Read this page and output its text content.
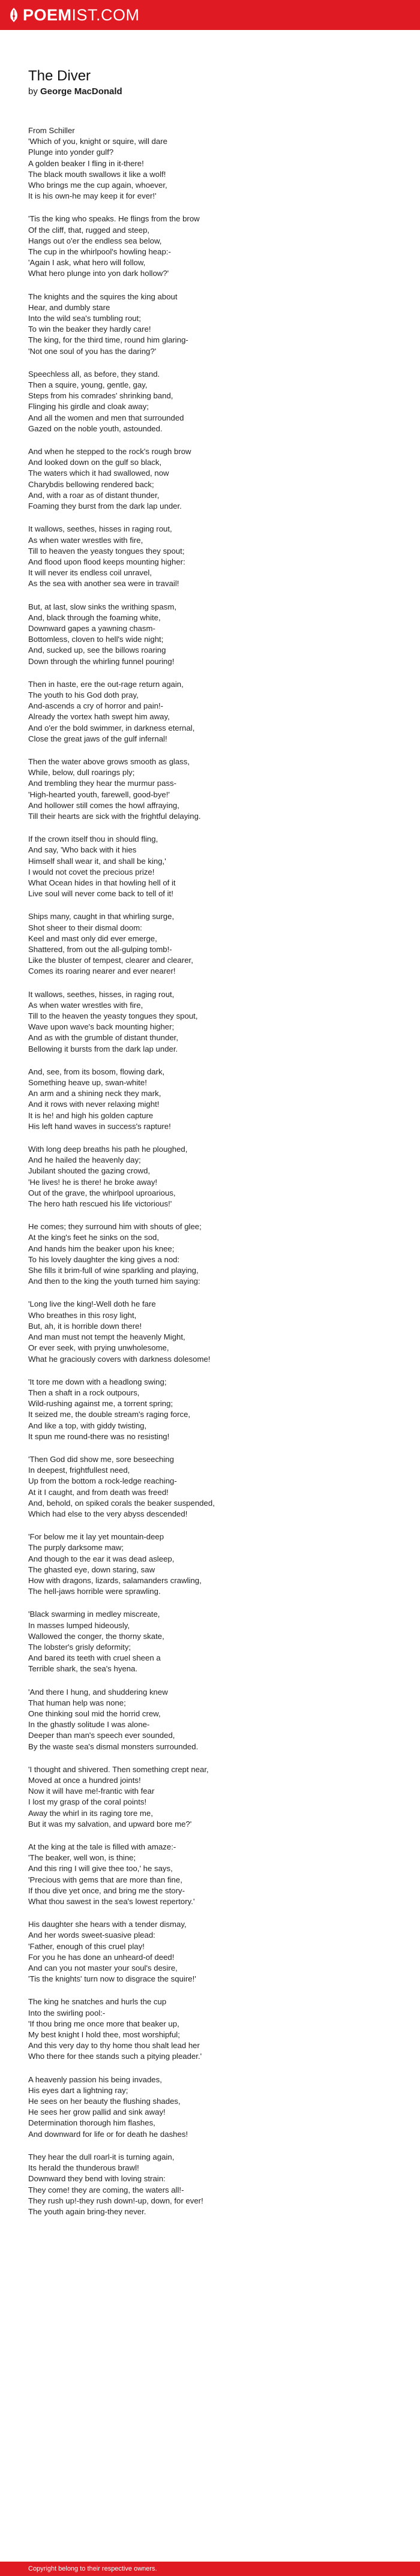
POEMIST.COM
The Diver
by George MacDonald
From Schiller
'Which of you, knight or squire, will dare
Plunge into yonder gulf?
A golden beaker I fling in it-there!
The black mouth swallows it like a wolf!
Who brings me the cup again, whoever,
It is his own-he may keep it for ever!'
'Tis the king who speaks. He flings from the brow
Of the cliff, that, rugged and steep,
Hangs out o'er the endless sea below,
The cup in the whirlpool's howling heap:-
'Again I ask, what hero will follow,
What hero plunge into yon dark hollow?'
The knights and the squires the king about
Hear, and dumbly stare
Into the wild sea's tumbling rout;
To win the beaker they hardly care!
The king, for the third time, round him glaring-
'Not one soul of you has the daring?'
Speechless all, as before, they stand.
Then a squire, young, gentle, gay,
Steps from his comrades' shrinking band,
Flinging his girdle and cloak away;
And all the women and men that surrounded
Gazed on the noble youth, astounded.
And when he stepped to the rock's rough brow
And looked down on the gulf so black,
The waters which it had swallowed, now
Charybdis bellowing rendered back;
And, with a roar as of distant thunder,
Foaming they burst from the dark lap under.
It wallows, seethes, hisses in raging rout,
As when water wrestles with fire,
Till to heaven the yeasty tongues they spout;
And flood upon flood keeps mounting higher:
It will never its endless coil unravel,
As the sea with another sea were in travail!
But, at last, slow sinks the writhing spasm,
And, black through the foaming white,
Downward gapes a yawning chasm-
Bottomless, cloven to hell's wide night;
And, sucked up, see the billows roaring
Down through the whirling funnel pouring!
Then in haste, ere the out-rage return again,
The youth to his God doth pray,
And-ascends a cry of horror and pain!-
Already the vortex hath swept him away,
And o'er the bold swimmer, in darkness eternal,
Close the great jaws of the gulf infernal!
Then the water above grows smooth as glass,
While, below, dull roarings ply;
And trembling they hear the murmur pass-
'High-hearted youth, farewell, good-bye!'
And hollower still comes the howl affraying,
Till their hearts are sick with the frightful delaying.
If the crown itself thou in should fling,
And say, 'Who back with it hies
Himself shall wear it, and shall be king,'
I would not covet the precious prize!
What Ocean hides in that howling hell of it
Live soul will never come back to tell of it!
Ships many, caught in that whirling surge,
Shot sheer to their dismal doom:
Keel and mast only did ever emerge,
Shattered, from out the all-gulping tomb!-
Like the bluster of tempest, clearer and clearer,
Comes its roaring nearer and ever nearer!
It wallows, seethes, hisses, in raging rout,
As when water wrestles with fire,
Till to the heaven the yeasty tongues they spout,
Wave upon wave's back mounting higher;
And as with the grumble of distant thunder,
Bellowing it bursts from the dark lap under.
And, see, from its bosom, flowing dark,
Something heave up, swan-white!
An arm and a shining neck they mark,
And it rows with never relaxing might!
It is he! and high his golden capture
His left hand waves in success's rapture!
With long deep breaths his path he ploughed,
And he hailed the heavenly day;
Jubilant shouted the gazing crowd,
'He lives! he is there! he broke away!
Out of the grave, the whirlpool uproarious,
The hero hath rescued his life victorious!'
He comes; they surround him with shouts of glee;
At the king's feet he sinks on the sod,
And hands him the beaker upon his knee;
To his lovely daughter the king gives a nod:
She fills it brim-full of wine sparkling and playing,
And then to the king the youth turned him saying:
'Long live the king!-Well doth he fare
Who breathes in this rosy light,
But, ah, it is horrible down there!
And man must not tempt the heavenly Might,
Or ever seek, with prying unwholesome,
What he graciously covers with darkness dolesome!
'It tore me down with a headlong swing;
Then a shaft in a rock outpours,
Wild-rushing against me, a torrent spring;
It seized me, the double stream's raging force,
And like a top, with giddy twisting,
It spun me round-there was no resisting!
'Then God did show me, sore beseeching
In deepest, frightfullest need,
Up from the bottom a rock-ledge reaching-
At it I caught, and from death was freed!
And, behold, on spiked corals the beaker suspended,
Which had else to the very abyss descended!
'For below me it lay yet mountain-deep
The purply darksome maw;
And though to the ear it was dead asleep,
The ghasted eye, down staring, saw
How with dragons, lizards, salamanders crawling,
The hell-jaws horrible were sprawling.
'Black swarming in medley miscreate,
In masses lumped hideously,
Wallowed the conger, the thorny skate,
The lobster's grisly deformity;
And bared its teeth with cruel sheen a
Terrible shark, the sea's hyena.
'And there I hung, and shuddering knew
That human help was none;
One thinking soul mid the horrid crew,
In the ghastly solitude I was alone-
Deeper than man's speech ever sounded,
By the waste sea's dismal monsters surrounded.
'I thought and shivered. Then something crept near,
Moved at once a hundred joints!
Now it will have me!-frantic with fear
I lost my grasp of the coral points!
Away the whirl in its raging tore me,
But it was my salvation, and upward bore me?'
At the king at the tale is filled with amaze:-
'The beaker, well won, is thine;
And this ring I will give thee too,' he says,
'Precious with gems that are more than fine,
If thou dive yet once, and bring me the story-
What thou sawest in the sea's lowest repertory.'
His daughter she hears with a tender dismay,
And her words sweet-suasive plead:
'Father, enough of this cruel play!
For you he has done an unheard-of deed!
And can you not master your soul's desire,
'Tis the knights' turn now to disgrace the squire!'
The king he snatches and hurls the cup
Into the swirling pool:-
'If thou bring me once more that beaker up,
My best knight I hold thee, most worshipful;
And this very day to thy home thou shalt lead her
Who there for thee stands such a pitying pleader.'
A heavenly passion his being invades,
His eyes dart a lightning ray;
He sees on her beauty the flushing shades,
He sees her grow pallid and sink away!
Determination thorough him flashes,
And downward for life or for death he dashes!
They hear the dull roarl-it is turning again,
Its herald the thunderous brawl!
Downward they bend with loving strain:
They come! they are coming, the waters all!-
They rush up!-they rush down!-up, down, for ever!
The youth again bring-they never.
Copyright belong to their respective owners.
